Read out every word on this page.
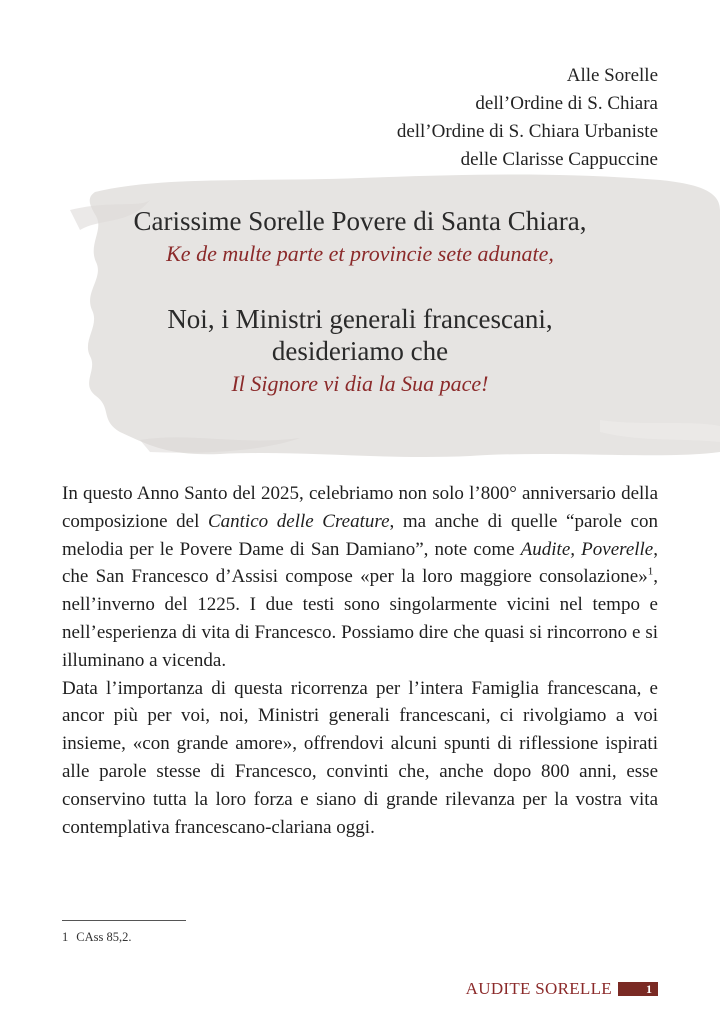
Alle Sorelle
dell’Ordine di S. Chiara
dell’Ordine di S. Chiara Urbaniste
delle Clarisse Cappuccine
Carissime Sorelle Povere di Santa Chiara,
Ke de multe parte et provincie sete adunate,
Noi, i Ministri generali francescani,
desideriamo che
Il Signore vi dia la Sua pace!

In questo Anno Santo del 2025, celebriamo non solo l’800° anniversario della composizione del Cantico delle Creature, ma anche di quelle “parole con melodia per le Povere Dame di San Damiano”, note come Audite, Poverelle, che San Francesco d’Assisi compose «per la loro maggiore consolazione»$^1$, nell’inverno del 1225. I due testi sono singolarmente vicini nel tempo e nell’esperienza di vita di Francesco. Possiamo dire che quasi si rincorrono e si illuminano a vicenda.

Data l’importanza di questa ricorrenza per l’intera Famiglia francescana, e ancor più per voi, noi, Ministri generali francescani, ci rivolgiamo a voi insieme, «con grande amore», offrendovi alcuni spunti di riflessione ispirati alle parole stesse di Francesco, convinti che, anche dopo 800 anni, esse conservino tutta la loro forza e siano di grande rilevanza per la vostra vita contemplativa francescano-clariana oggi.

1 CAss 85,2.
AUDITE SORELLE	1
